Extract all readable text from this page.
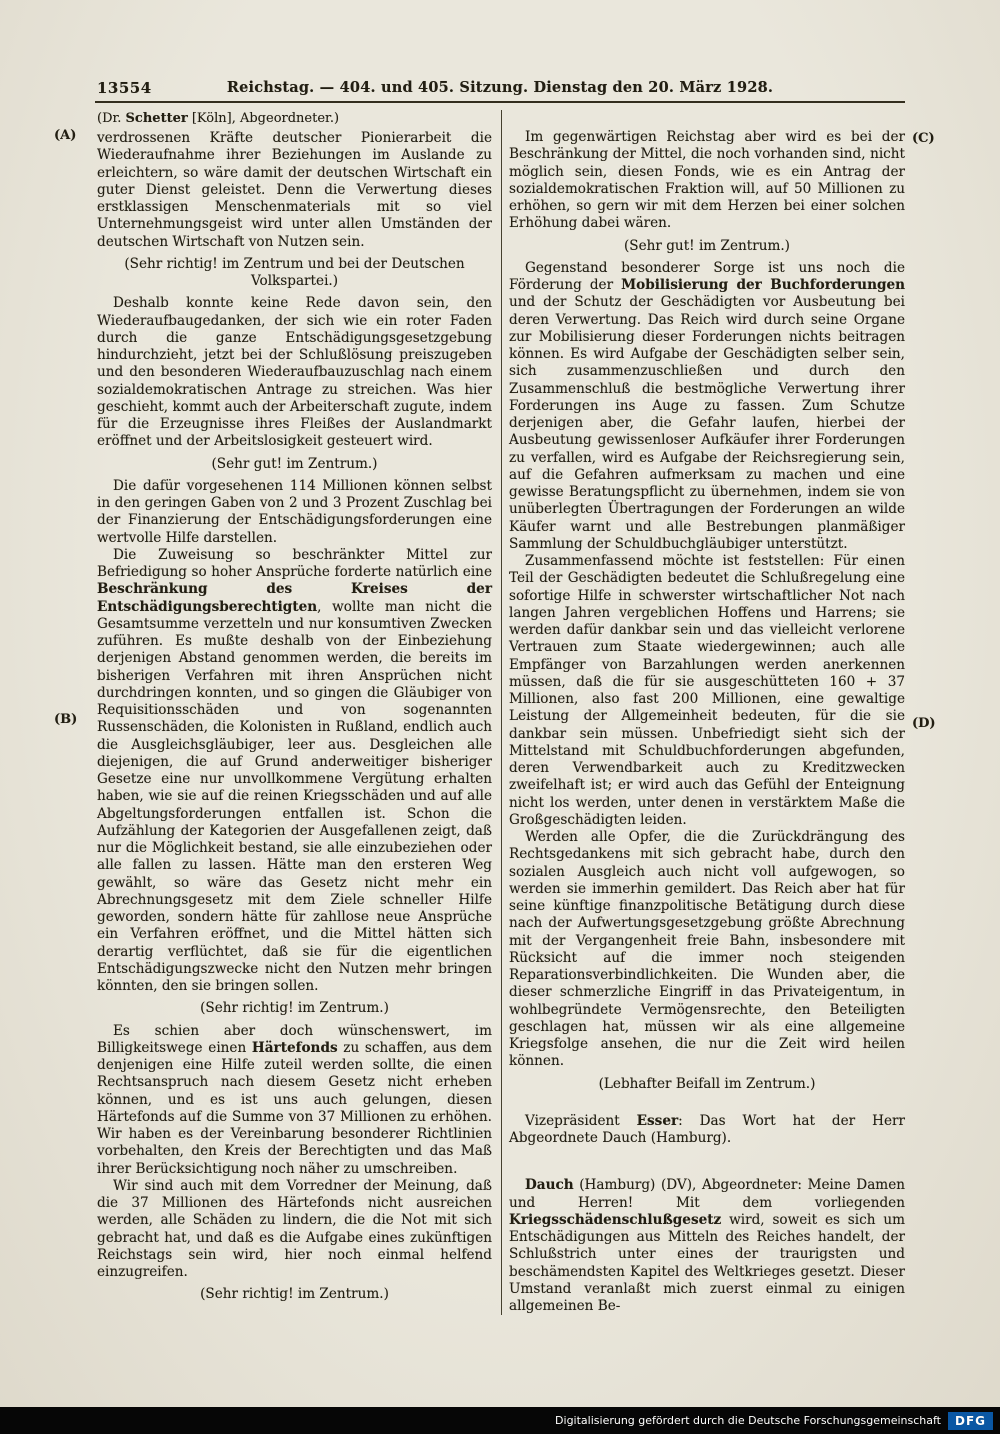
13554	Reichstag. — 404. und 405. Sitzung. Dienstag den 20. März 1928.
(A)
(B)
(C)
(D)
(Dr. Schetter [Köln], Abgeordneter.)

verdrossenen Kräfte deutscher Pionierarbeit die Wiederaufnahme ihrer Beziehungen im Auslande zu erleichtern, so wäre damit der deutschen Wirtschaft ein guter Dienst geleistet. Denn die Verwertung dieses erstklassigen Menschenmaterials mit so viel Unternehmungsgeist wird unter allen Umständen der deutschen Wirtschaft von Nutzen sein.

(Sehr richtig! im Zentrum und bei der Deutschen Volkspartei.)

Deshalb konnte keine Rede davon sein, den Wiederaufbaugedanken, der sich wie ein roter Faden durch die ganze Entschädigungsgesetzgebung hindurchzieht, jetzt bei der Schlußlösung preiszugeben und den besonderen Wiederaufbauzuschlag nach einem sozialdemokratischen Antrage zu streichen. Was hier geschieht, kommt auch der Arbeiterschaft zugute, indem für die Erzeugnisse ihres Fleißes der Auslandmarkt eröffnet und der Arbeitslosigkeit gesteuert wird.

(Sehr gut! im Zentrum.)

Die dafür vorgesehenen 114 Millionen können selbst in den geringen Gaben von 2 und 3 Prozent Zuschlag bei der Finanzierung der Entschädigungsforderungen eine wertvolle Hilfe darstellen.

Die Zuweisung so beschränkter Mittel zur Befriedigung so hoher Ansprüche forderte natürlich eine Beschränkung des Kreises der Entschädigungsberechtigten, wollte man nicht die Gesamtsumme verzetteln und nur konsumtiven Zwecken zuführen. Es mußte deshalb von der Einbeziehung derjenigen Abstand genommen werden, die bereits im bisherigen Verfahren mit ihren Ansprüchen nicht durchdringen konnten, und so gingen die Gläubiger von Requisitionsschäden und von sogenannten Russenschäden, die Kolonisten in Rußland, endlich auch die Ausgleichsgläubiger, leer aus. Desgleichen alle diejenigen, die auf Grund anderweitiger bisheriger Gesetze eine nur unvollkommene Vergütung erhalten haben, wie sie auf die reinen Kriegsschäden und auf alle Abgeltungsforderungen entfallen ist. Schon die Aufzählung der Kategorien der Ausgefallenen zeigt, daß nur die Möglichkeit bestand, sie alle einzubeziehen oder alle fallen zu lassen. Hätte man den ersteren Weg gewählt, so wäre das Gesetz nicht mehr ein Abrechnungsgesetz mit dem Ziele schneller Hilfe geworden, sondern hätte für zahllose neue Ansprüche ein Verfahren eröffnet, und die Mittel hätten sich derartig verflüchtet, daß sie für die eigentlichen Entschädigungszwecke nicht den Nutzen mehr bringen könnten, den sie bringen sollen.

(Sehr richtig! im Zentrum.)

Es schien aber doch wünschenswert, im Billigkeitswege einen Härtefonds zu schaffen, aus dem denjenigen eine Hilfe zuteil werden sollte, die einen Rechtsanspruch nach diesem Gesetz nicht erheben können, und es ist uns auch gelungen, diesen Härtefonds auf die Summe von 37 Millionen zu erhöhen. Wir haben es der Vereinbarung besonderer Richtlinien vorbehalten, den Kreis der Berechtigten und das Maß ihrer Berücksichtigung noch näher zu umschreiben.

Wir sind auch mit dem Vorredner der Meinung, daß die 37 Millionen des Härtefonds nicht ausreichen werden, alle Schäden zu lindern, die die Not mit sich gebracht hat, und daß es die Aufgabe eines zukünftigen Reichstags sein wird, hier noch einmal helfend einzugreifen.

(Sehr richtig! im Zentrum.)

Im gegenwärtigen Reichstag aber wird es bei der Beschränkung der Mittel, die noch vorhanden sind, nicht möglich sein, diesen Fonds, wie es ein Antrag der sozialdemokratischen Fraktion will, auf 50 Millionen zu erhöhen, so gern wir mit dem Herzen bei einer solchen Erhöhung dabei wären.

(Sehr gut! im Zentrum.)

Gegenstand besonderer Sorge ist uns noch die Förderung der Mobilisierung der Buchforderungen und der Schutz der Geschädigten vor Ausbeutung bei deren Verwertung. Das Reich wird durch seine Organe zur Mobilisierung dieser Forderungen nichts beitragen können. Es wird Aufgabe der Geschädigten selber sein, sich zusammenzuschließen und durch den Zusammenschluß die bestmögliche Verwertung ihrer Forderungen ins Auge zu fassen. Zum Schutze derjenigen aber, die Gefahr laufen, hierbei der Ausbeutung gewissenloser Aufkäufer ihrer Forderungen zu verfallen, wird es Aufgabe der Reichsregierung sein, auf die Gefahren aufmerksam zu machen und eine gewisse Beratungspflicht zu übernehmen, indem sie von unüberlegten Übertragungen der Forderungen an wilde Käufer warnt und alle Bestrebungen planmäßiger Sammlung der Schuldbuchgläubiger unterstützt.

Zusammenfassend möchte ist feststellen: Für einen Teil der Geschädigten bedeutet die Schlußregelung eine sofortige Hilfe in schwerster wirtschaftlicher Not nach langen Jahren vergeblichen Hoffens und Harrens; sie werden dafür dankbar sein und das vielleicht verlorene Vertrauen zum Staate wiedergewinnen; auch alle Empfänger von Barzahlungen werden anerkennen müssen, daß die für sie ausgeschütteten 160 + 37 Millionen, also fast 200 Millionen, eine gewaltige Leistung der Allgemeinheit bedeuten, für die sie dankbar sein müssen. Unbefriedigt sieht sich der Mittelstand mit Schuldbuchforderungen abgefunden, deren Verwendbarkeit auch zu Kreditzwecken zweifelhaft ist; er wird auch das Gefühl der Enteignung nicht los werden, unter denen in verstärktem Maße die Großgeschädigten leiden.

Werden alle Opfer, die die Zurückdrängung des Rechtsgedankens mit sich gebracht habe, durch den sozialen Ausgleich auch nicht voll aufgewogen, so werden sie immerhin gemildert. Das Reich aber hat für seine künftige finanzpolitische Betätigung durch diese nach der Aufwertungsgesetzgebung größte Abrechnung mit der Vergangenheit freie Bahn, insbesondere mit Rücksicht auf die immer noch steigenden Reparationsverbindlichkeiten. Die Wunden aber, die dieser schmerzliche Eingriff in das Privateigentum, in wohlbegründete Vermögensrechte, den Beteiligten geschlagen hat, müssen wir als eine allgemeine Kriegsfolge ansehen, die nur die Zeit wird heilen können.

(Lebhafter Beifall im Zentrum.)

Vizepräsident Esser: Das Wort hat der Herr Abgeordnete Dauch (Hamburg).

Dauch (Hamburg) (DV), Abgeordneter: Meine Damen und Herren! Mit dem vorliegenden Kriegsschädenschlußgesetz wird, soweit es sich um Entschädigungen aus Mitteln des Reiches handelt, der Schlußstrich unter eines der traurigsten und beschämendsten Kapitel des Weltkrieges gesetzt. Dieser Umstand veranlaßt mich zuerst einmal zu einigen allgemeinen Be-

Digitalisierung gefördert durch die Deutsche Forschungsgemeinschaft	DFG
